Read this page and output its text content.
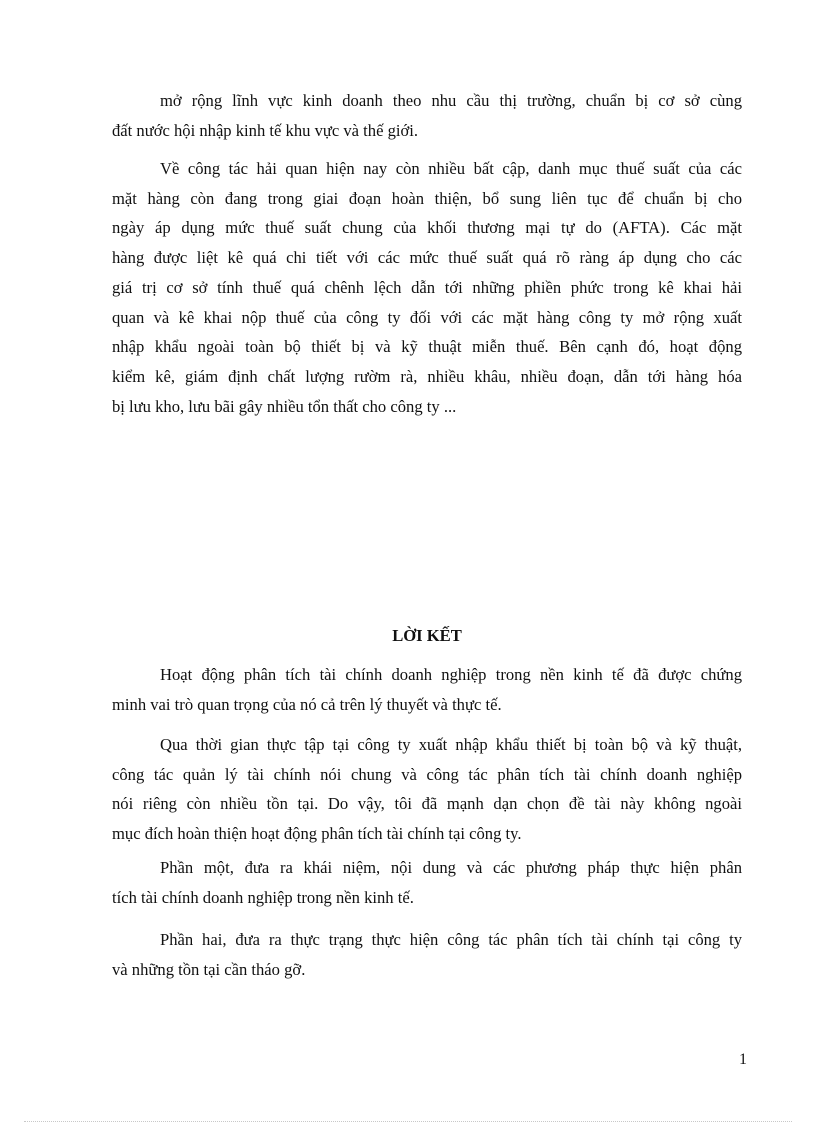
mở rộng lĩnh vực kinh doanh theo nhu cầu thị trường, chuẩn bị cơ sở cùng
đất nước hội nhập kinh tế khu vực và thế giới.

Về công tác hải quan hiện nay còn nhiều bất cập, danh mục thuế suất của các
mặt hàng còn đang trong giai đoạn hoàn thiện, bổ sung liên tục để chuẩn bị cho
ngày áp dụng mức thuế suất chung của khối thương mại tự do (AFTA). Các mặt
hàng được liệt kê quá chi tiết với các mức thuế suất quá rõ ràng áp dụng cho các
giá trị cơ sở tính thuế quá chênh lệch dẫn tới những phiền phức trong kê khai hải
quan và kê khai nộp thuế của công ty đối với các mặt hàng công ty mở rộng xuất
nhập khẩu ngoài toàn bộ thiết bị và kỹ thuật miễn thuế. Bên cạnh đó, hoạt động
kiểm kê, giám định chất lượng rườm rà, nhiều khâu, nhiều đoạn, dẫn tới hàng hóa
bị lưu kho, lưu bãi gây nhiều tổn thất cho công ty ...

LỜI KẾT

Hoạt động phân tích tài chính doanh nghiệp trong nền kinh tế đã được chứng
minh vai trò quan trọng của nó cả trên lý thuyết và thực tế.

Qua thời gian thực tập tại công ty xuất nhập khẩu thiết bị toàn bộ và kỹ thuật,
công tác quản lý tài chính nói chung và công tác phân tích tài chính doanh nghiệp
nói riêng còn nhiều tồn tại. Do vậy, tôi đã mạnh dạn chọn đề tài này không ngoài
mục đích hoàn thiện hoạt động phân tích tài chính tại công ty.

Phần một, đưa ra khái niệm, nội dung và các phương pháp thực hiện phân
tích tài chính doanh nghiệp trong nền kinh tế.

Phần hai, đưa ra thực trạng thực hiện công tác phân tích tài chính tại công ty
và những tồn tại cần tháo gỡ.

1
